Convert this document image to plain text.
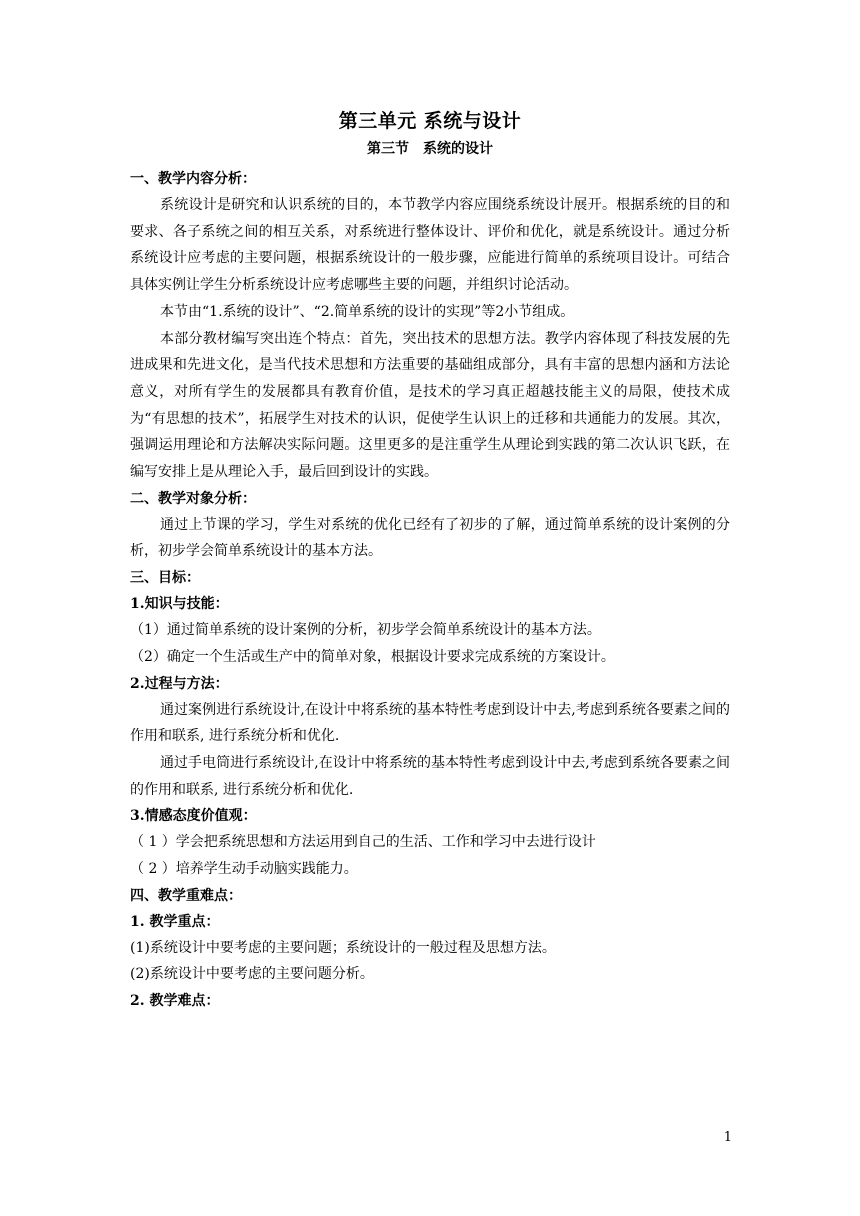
第三单元 系统与设计
第三节　系统的设计

一、教学内容分析：

系统设计是研究和认识系统的目的，本节教学内容应围绕系统设计展开。根据系统的目的和要求、各子系统之间的相互关系，对系统进行整体设计、评价和优化，就是系统设计。通过分析系统设计应考虑的主要问题，根据系统设计的一般步骤，应能进行简单的系统项目设计。可结合具体实例让学生分析系统设计应考虑哪些主要的问题，并组织讨论活动。

本节由“1.系统的设计”、“2.简单系统的设计的实现”等2小节组成。

本部分教材编写突出连个特点：首先，突出技术的思想方法。教学内容体现了科技发展的先进成果和先进文化，是当代技术思想和方法重要的基础组成部分，具有丰富的思想内涵和方法论意义，对所有学生的发展都具有教育价值，是技术的学习真正超越技能主义的局限，使技术成为“有思想的技术”，拓展学生对技术的认识，促使学生认识上的迁移和共通能力的发展。其次，强调运用理论和方法解决实际问题。这里更多的是注重学生从理论到实践的第二次认识飞跃，在编写安排上是从理论入手，最后回到设计的实践。

二、教学对象分析：

通过上节课的学习，学生对系统的优化已经有了初步的了解，通过简单系统的设计案例的分析，初步学会简单系统设计的基本方法。

三、目标：

1.知识与技能：

（1）通过简单系统的设计案例的分析，初步学会简单系统设计的基本方法。

（2）确定一个生活或生产中的简单对象，根据设计要求完成系统的方案设计。

2.过程与方法：

通过案例进行系统设计,在设计中将系统的基本特性考虑到设计中去,考虑到系统各要素之间的作用和联系, 进行系统分析和优化.

通过手电筒进行系统设计,在设计中将系统的基本特性考虑到设计中去,考虑到系统各要素之间的作用和联系, 进行系统分析和优化.

3.情感态度价值观：

（ 1 ）学会把系统思想和方法运用到自己的生活、工作和学习中去进行设计

（ 2 ）培养学生动手动脑实践能力。

四、教学重难点：

1. 教学重点：

(1)系统设计中要考虑的主要问题；系统设计的一般过程及思想方法。

(2)系统设计中要考虑的主要问题分析。

2. 教学难点：

1
